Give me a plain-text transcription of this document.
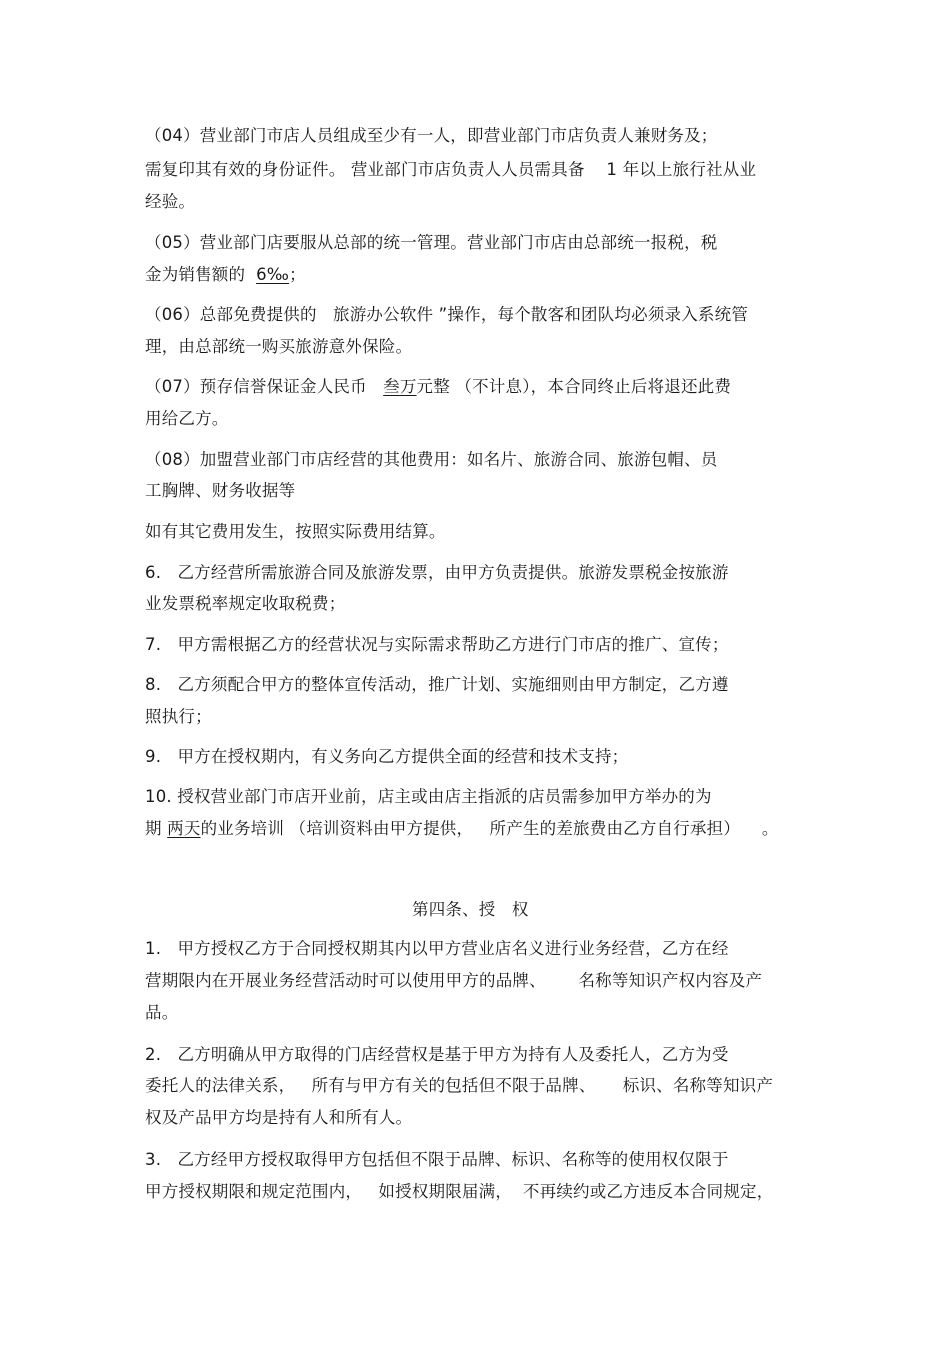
（04）营业部门市店人员组成至少有一人，即营业部门市店负责人兼财务及；
需复印其有效的身份证件。 营业部门市店负责人人员需具备    1 年以上旅行社从业
经验。
（05）营业部门店要服从总部的统一管理。营业部门市店由总部统一报税，税
金为销售额的  6‰；
（06）总部免费提供的   旅游办公软件 ”操作，每个散客和团队均必须录入系统管
理，由总部统一购买旅游意外保险。
（07）预存信誉保证金人民币   叁万元整 （不计息），本合同终止后将退还此费
用给乙方。
（08）加盟营业部门市店经营的其他费用：如名片、旅游合同、旅游包帽、员
工胸牌、财务收据等
如有其它费用发生，按照实际费用结算。
6.   乙方经营所需旅游合同及旅游发票，由甲方负责提供。旅游发票税金按旅游
业发票税率规定收取税费；
7.   甲方需根据乙方的经营状况与实际需求帮助乙方进行门市店的推广、宣传；
8.   乙方须配合甲方的整体宣传活动，推广计划、实施细则由甲方制定，乙方遵
照执行；
9.   甲方在授权期内，有义务向乙方提供全面的经营和技术支持；
10. 授权营业部门市店开业前，店主或由店主指派的店员需参加甲方举办的为
期 两天的业务培训 （培训资料由甲方提供，   所产生的差旅费由乙方自行承担）    。
第四条、授   权
1.   甲方授权乙方于合同授权期其内以甲方营业店名义进行业务经营，乙方在经
营期限内在开展业务经营活动时可以使用甲方的品牌、      名称等知识产权内容及产
品。
2.   乙方明确从甲方取得的门店经营权是基于甲方为持有人及委托人，乙方为受
委托人的法律关系，   所有与甲方有关的包括但不限于品牌、     标识、名称等知识产
权及产品甲方均是持有人和所有人。
3.   乙方经甲方授权取得甲方包括但不限于品牌、标识、名称等的使用权仅限于
甲方授权期限和规定范围内，   如授权期限届满，  不再续约或乙方违反本合同规定，
